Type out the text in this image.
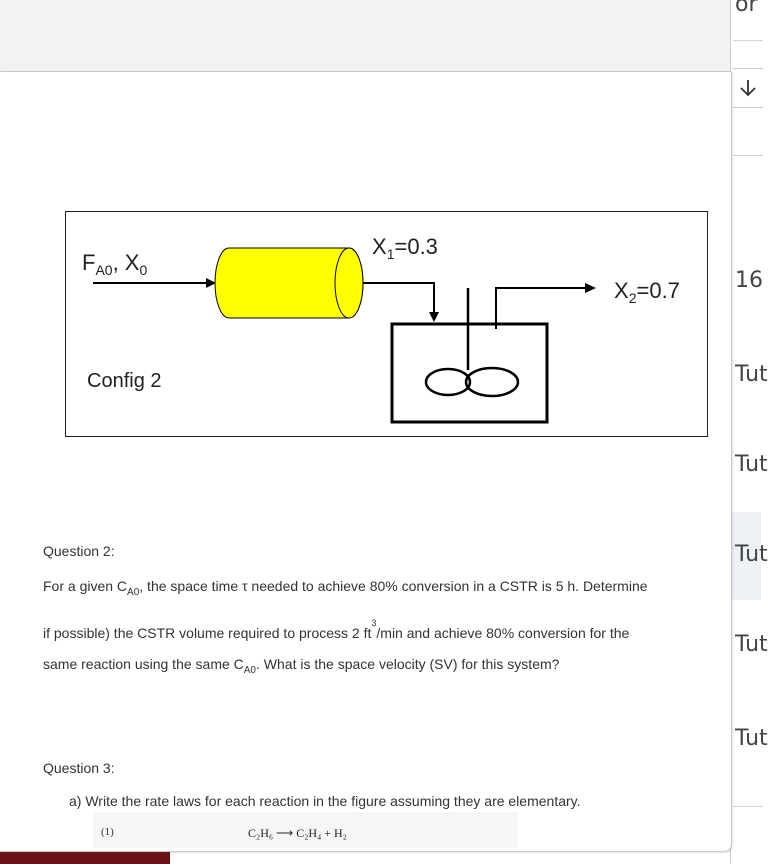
or
16
Tut
Tut
Tut
Tut
Tut
$F_{A0}$, $X_0$
$X_1=0.3$
$X_2=0.7$
Config 2
Question 2:
For a given $C_{A0}$, the space time τ needed to achieve 80% conversion in a CSTR is 5 h. Determine
if possible) the CSTR volume required to process 2 $ft^3/\min$ and achieve 80% conversion for the
same reaction using the same $C_{A0}$. What is the space velocity (SV) for this system?
Question 3:
a) Write the rate laws for each reaction in the figure assuming they are elementary.
(1)	C₂H₆ ⟶ C₂H₄ + H₂
